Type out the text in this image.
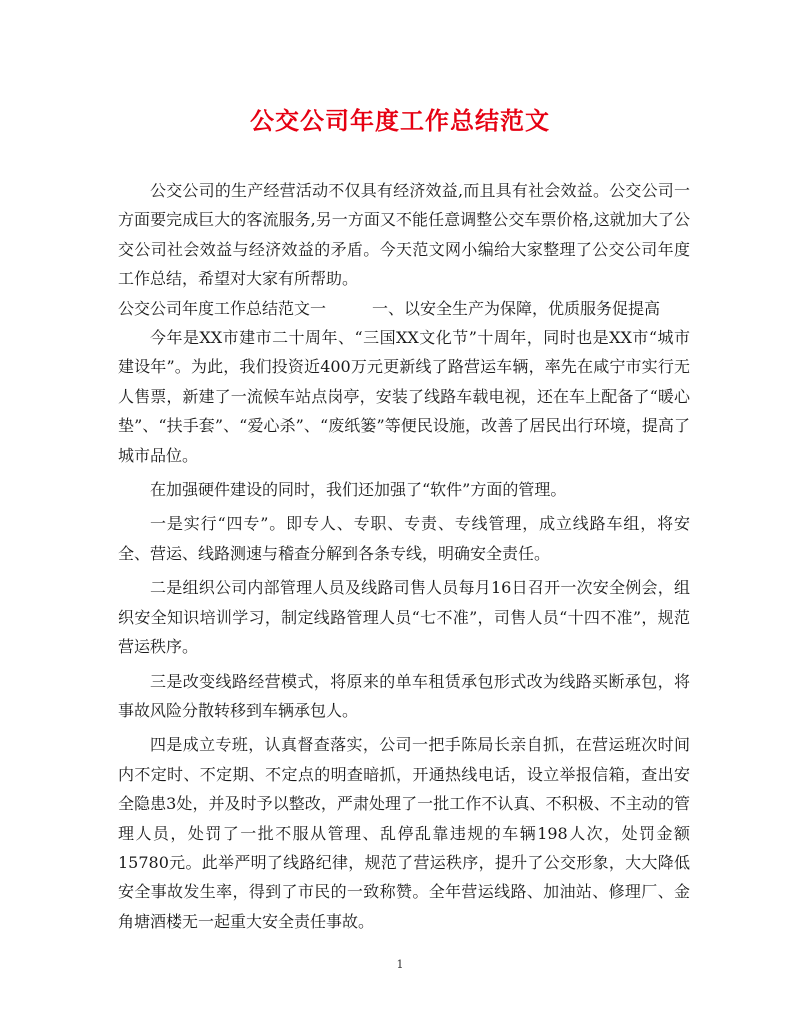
公交公司年度工作总结范文

公交公司的生产经营活动不仅具有经济效益,而且具有社会效益。公交公司一方面要完成巨大的客流服务,另一方面又不能任意调整公交车票价格,这就加大了公交公司社会效益与经济效益的矛盾。今天范文网小编给大家整理了公交公司年度工作总结，希望对大家有所帮助。

公交公司年度工作总结范文一	一、以安全生产为保障，优质服务促提高

今年是XX市建市二十周年、“三国XX文化节”十周年，同时也是XX市“城市建设年”。为此，我们投资近400万元更新线了路营运车辆，率先在咸宁市实行无人售票，新建了一流候车站点岗亭，安装了线路车载电视，还在车上配备了“暖心垫”、“扶手套”、“爱心杀”、“废纸篓”等便民设施，改善了居民出行环境，提高了城市品位。

在加强硬件建设的同时，我们还加强了“软件”方面的管理。

一是实行“四专”。即专人、专职、专责、专线管理，成立线路车组，将安全、营运、线路测速与稽查分解到各条专线，明确安全责任。

二是组织公司内部管理人员及线路司售人员每月16日召开一次安全例会，组织安全知识培训学习，制定线路管理人员“七不准”，司售人员“十四不准”，规范营运秩序。

三是改变线路经营模式，将原来的单车租赁承包形式改为线路买断承包，将事故风险分散转移到车辆承包人。

四是成立专班，认真督查落实，公司一把手陈局长亲自抓，在营运班次时间内不定时、不定期、不定点的明查暗抓，开通热线电话，设立举报信箱，查出安全隐患3处，并及时予以整改，严肃处理了一批工作不认真、不积极、不主动的管理人员，处罚了一批不服从管理、乱停乱靠违规的车辆198人次，处罚金额15780元。此举严明了线路纪律，规范了营运秩序，提升了公交形象，大大降低安全事故发生率，得到了市民的一致称赞。全年营运线路、加油站、修理厂、金角塘酒楼无一起重大安全责任事故。

1
